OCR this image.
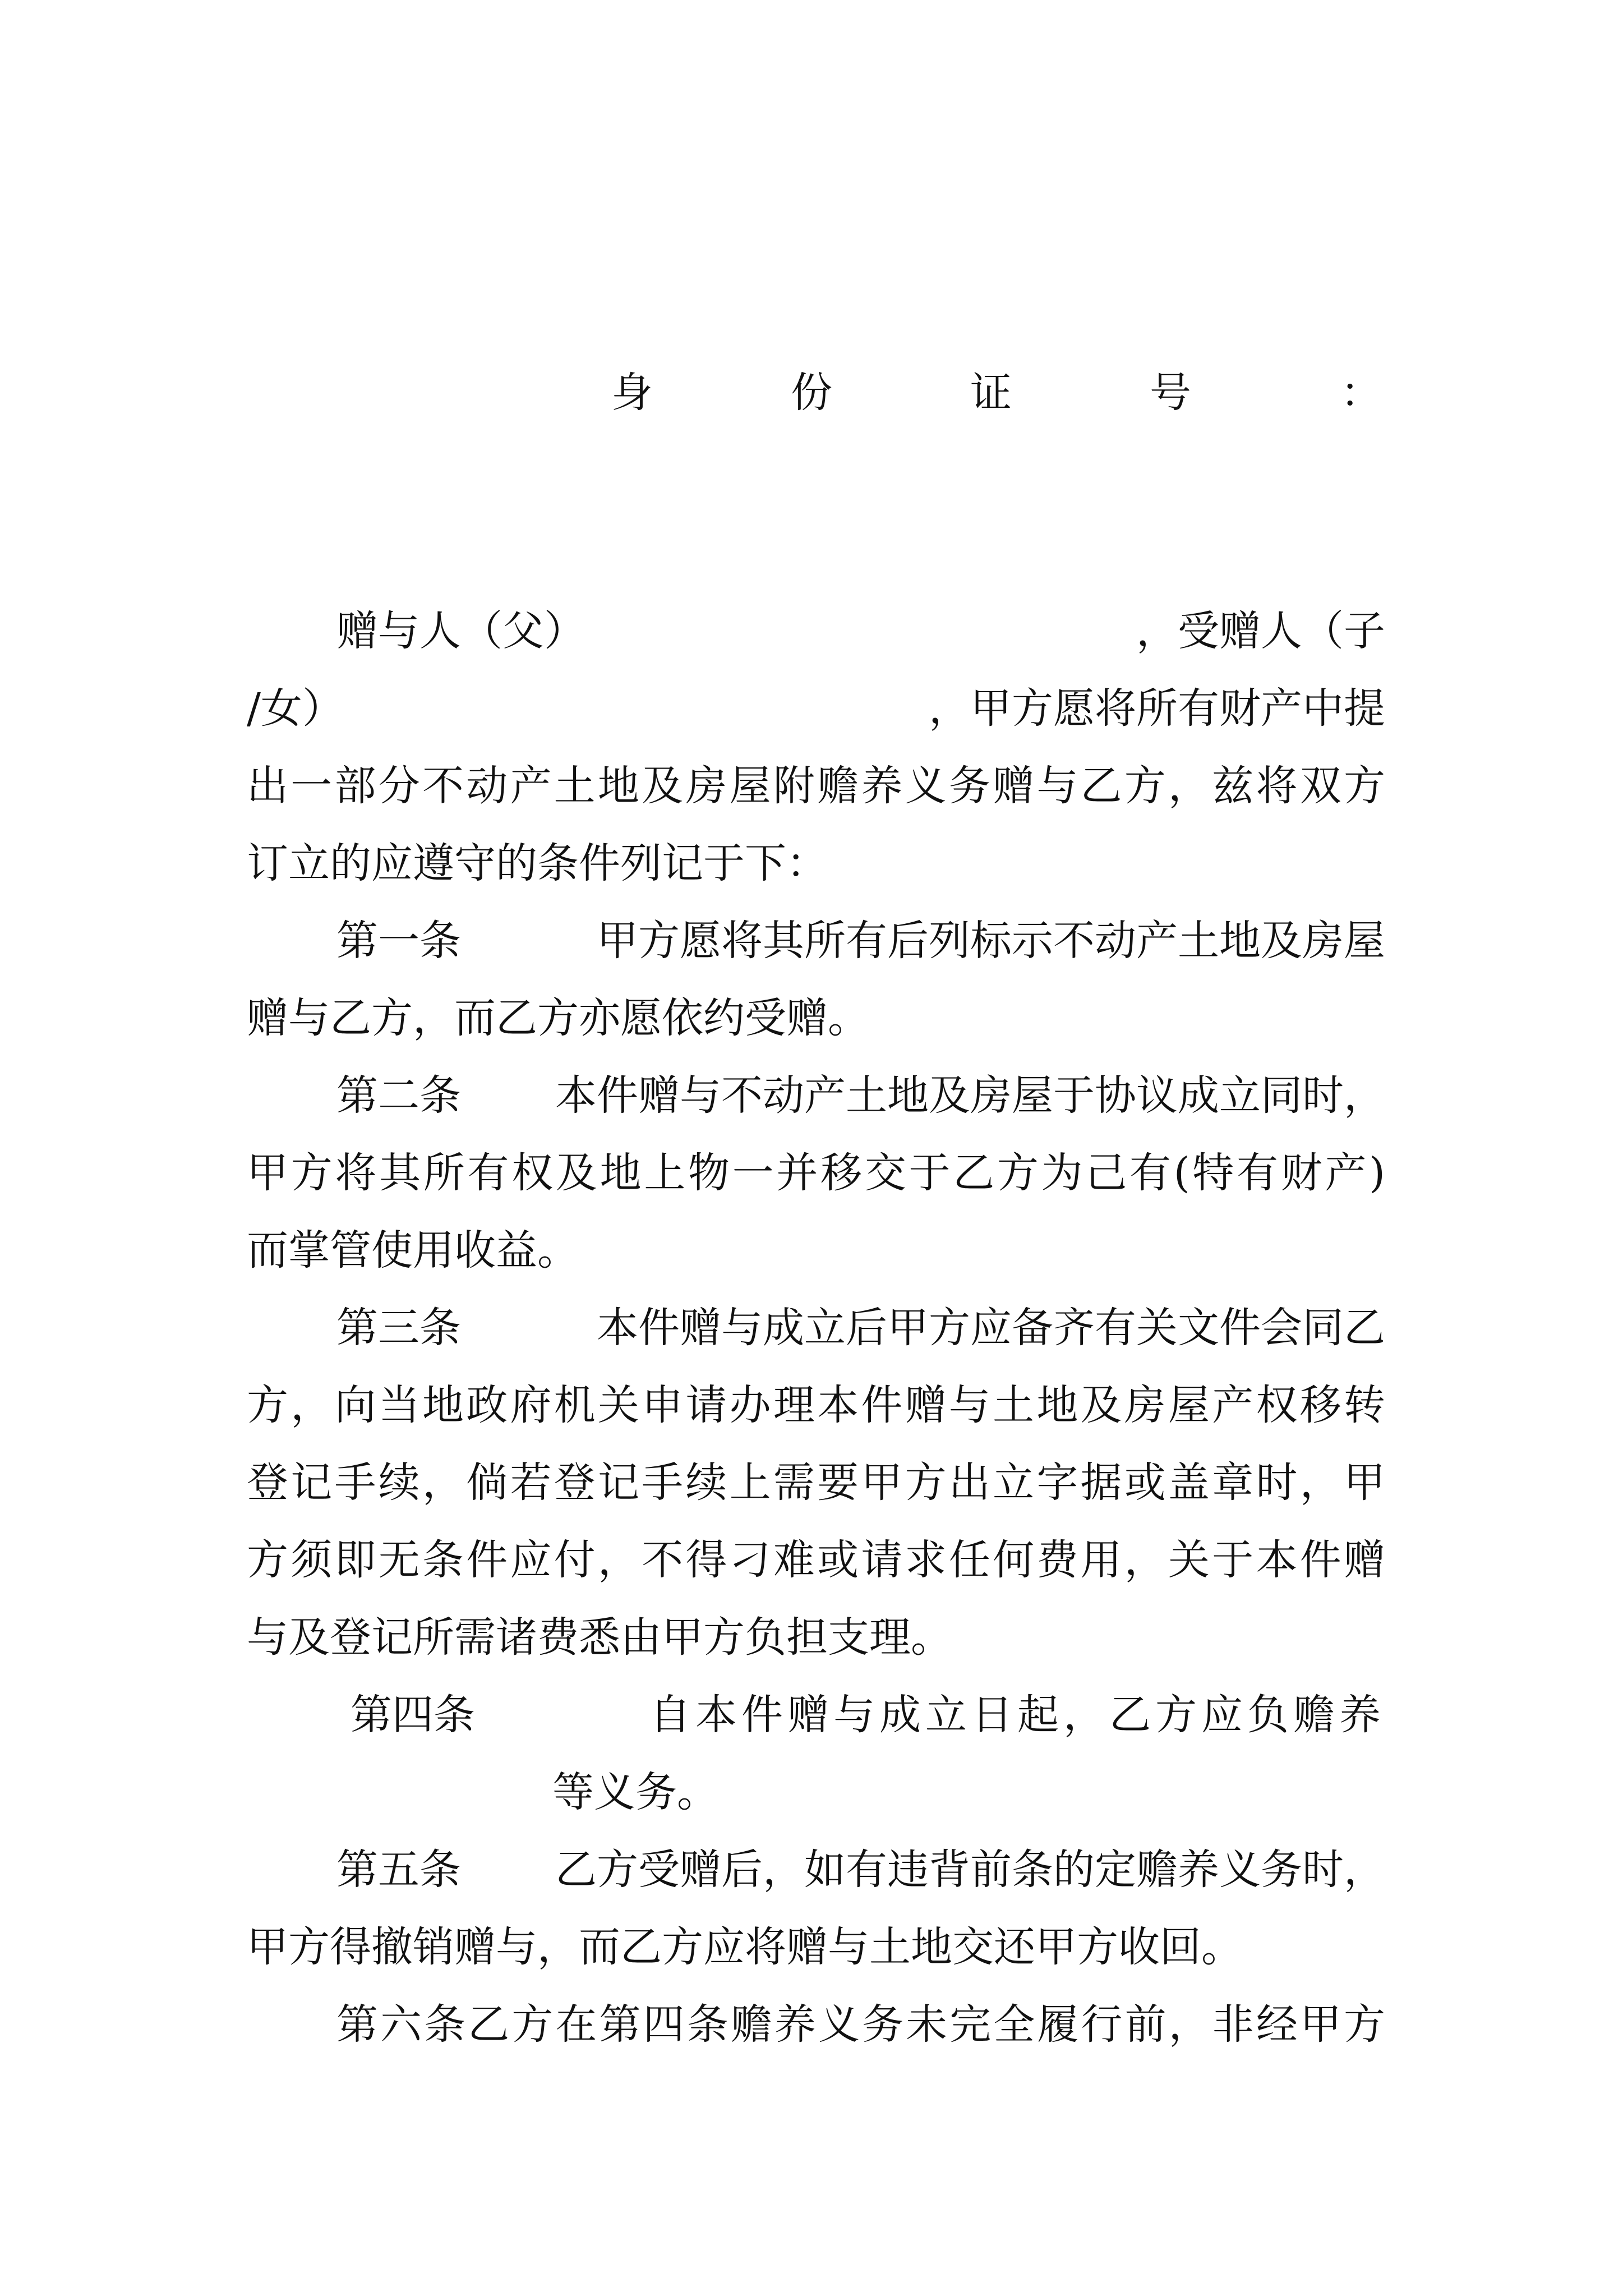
身	份	证	号	：
赠与人（父）	，受赠人（子
/女）	，甲方愿将所有财产中提
出一部分不动产土地及房屋附赡养义务赠与乙方，兹将双方
订立的应遵守的条件列记于下：
第一条	甲方愿将其所有后列标示不动产土地及房屋
赠与乙方，而乙方亦愿依约受赠。
第二条 本件赠与不动产土地及房屋于协议成立同时，
甲方将其所有权及地上物一并移交于乙方为己有(特有财产)
而掌管使用收益。
第三条	本件赠与成立后甲方应备齐有关文件会同乙
方，向当地政府机关申请办理本件赠与土地及房屋产权移转
登记手续，倘若登记手续上需要甲方出立字据或盖章时，甲
方须即无条件应付，不得刁难或请求任何费用，关于本件赠
与及登记所需诸费悉由甲方负担支理。
第四条	自本件赠与成立日起，乙方应负赡养
等义务。
第五条 乙方受赠后，如有违背前条的定赡养义务时，
甲方得撤销赠与，而乙方应将赠与土地交还甲方收回。
第六条乙方在第四条赡养义务未完全履行前，非经甲方
